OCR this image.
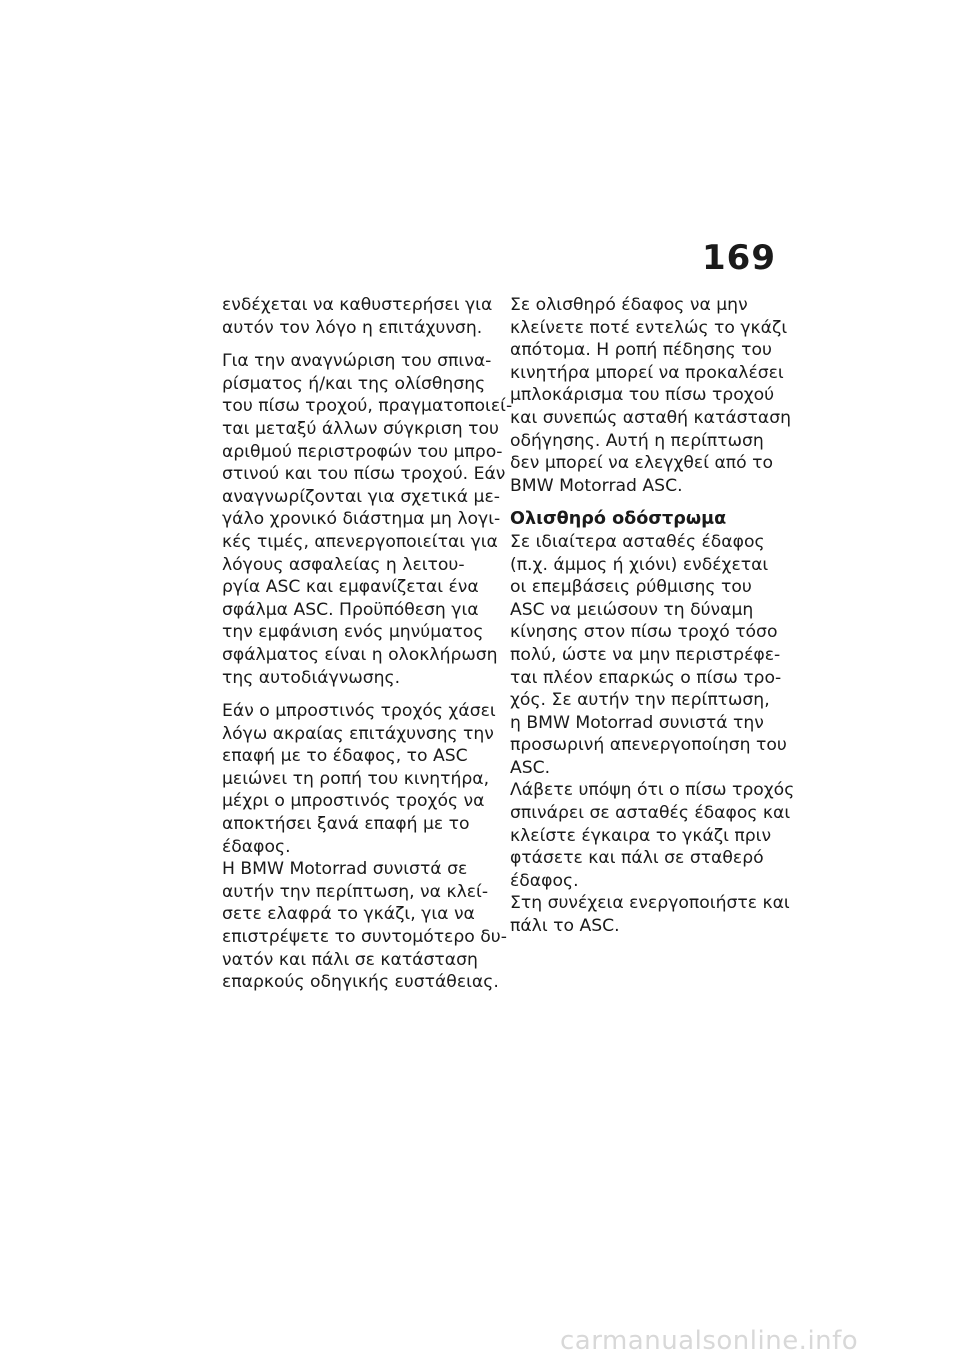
169

ενδέχεται να καθυστερήσει για
αυτόν τον λόγο η επιτάχυνση.

Για την αναγνώριση του σπινα-
ρίσματος ή/και της ολίσθησης
του πίσω τροχού, πραγματοποιεί-
ται μεταξύ άλλων σύγκριση του
αριθμού περιστροφών του μπρο-
στινού και του πίσω τροχού. Εάν
αναγνωρίζονται για σχετικά με-
γάλο χρονικό διάστημα μη λογι-
κές τιμές, απενεργοποιείται για
λόγους ασφαλείας η λειτου-
ργία ASC και εμφανίζεται ένα
σφάλμα ASC. Προϋπόθεση για
την εμφάνιση ενός μηνύματος
σφάλματος είναι η ολοκλήρωση
της αυτοδιάγνωσης.

Εάν ο μπροστινός τροχός χάσει
λόγω ακραίας επιτάχυνσης την
επαφή με το έδαφος, το ASC
μειώνει τη ροπή του κινητήρα,
μέχρι ο μπροστινός τροχός να
αποκτήσει ξανά επαφή με το
έδαφος.

Η BMW Motorrad συνιστά σε
αυτήν την περίπτωση, να κλεί-
σετε ελαφρά το γκάζι, για να
επιστρέψετε το συντομότερο δυ-
νατόν και πάλι σε κατάσταση
επαρκούς οδηγικής ευστάθειας.

Σε ολισθηρό έδαφος να μην
κλείνετε ποτέ εντελώς το γκάζι
απότομα. Η ροπή πέδησης του
κινητήρα μπορεί να προκαλέσει
μπλοκάρισμα του πίσω τροχού
και συνεπώς ασταθή κατάσταση
οδήγησης. Αυτή η περίπτωση
δεν μπορεί να ελεγχθεί από το
BMW Motorrad ASC.

Ολισθηρό οδόστρωμα

Σε ιδιαίτερα ασταθές έδαφος
(π.χ. άμμος ή χιόνι) ενδέχεται
οι επεμβάσεις ρύθμισης του
ASC να μειώσουν τη δύναμη
κίνησης στον πίσω τροχό τόσο
πολύ, ώστε να μην περιστρέφε-
ται πλέον επαρκώς ο πίσω τρο-
χός. Σε αυτήν την περίπτωση,
η BMW Motorrad συνιστά την
προσωρινή απενεργοποίηση του
ASC.

Λάβετε υπόψη ότι ο πίσω τροχός
σπινάρει σε ασταθές έδαφος και
κλείστε έγκαιρα το γκάζι πριν
φτάσετε και πάλι σε σταθερό
έδαφος.

Στη συνέχεια ενεργοποιήστε και
πάλι το ASC.

carmanualsonline.info
